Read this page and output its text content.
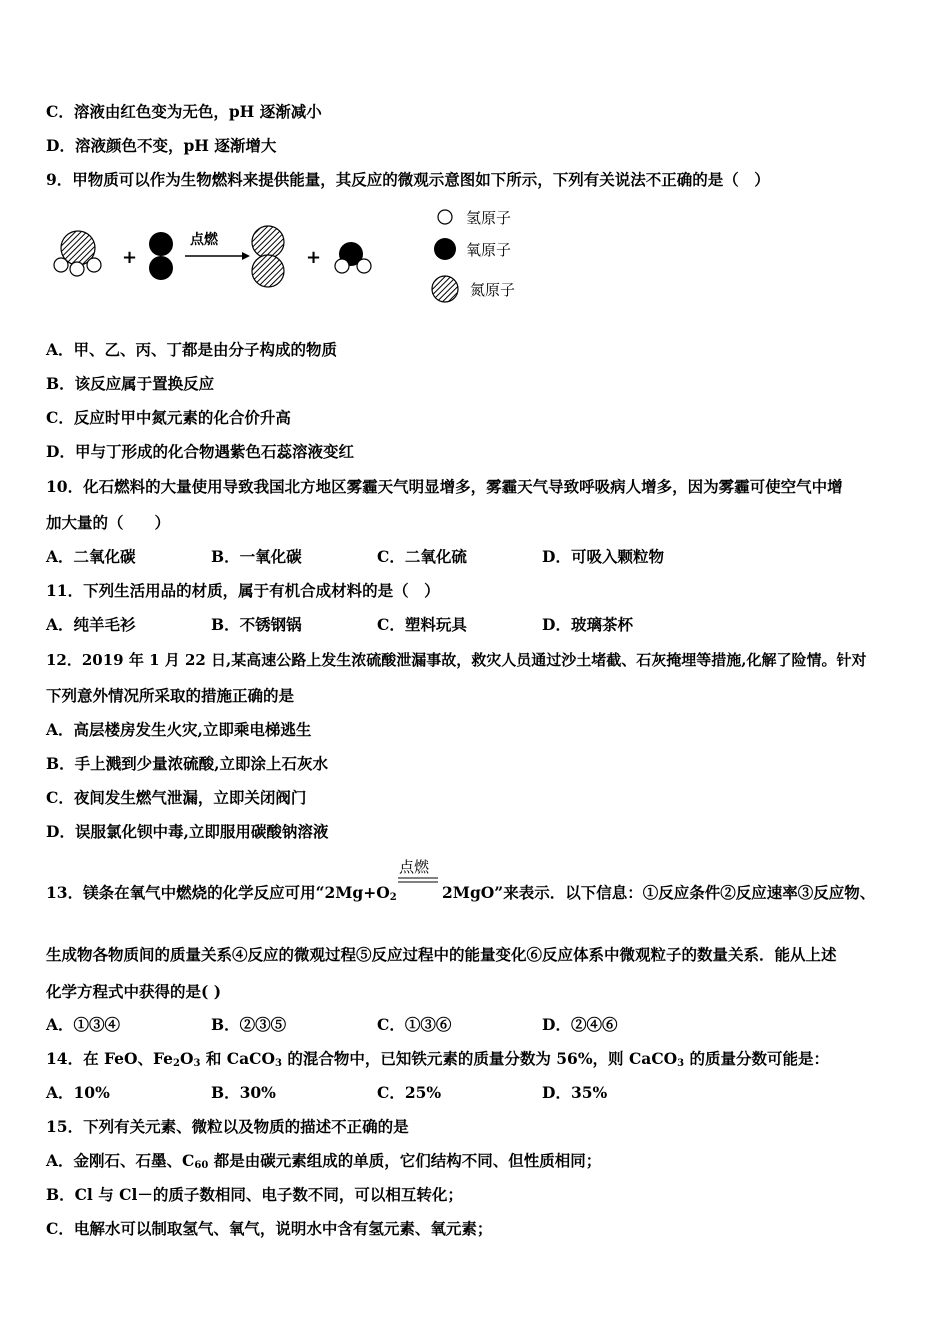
C．溶液由红色变为无色，pH 逐渐减小
D．溶液颜色不变，pH 逐渐增大
9．甲物质可以作为生物燃料来提供能量，其反应的微观示意图如下所示，下列有关说法不正确的是（　）
+
点燃
+
氢原子
氧原子
氮原子
A．甲、乙、丙、丁都是由分子构成的物质
B．该反应属于置换反应
C．反应时甲中氮元素的化合价升高
D．甲与丁形成的化合物遇紫色石蕊溶液变红
10．化石燃料的大量使用导致我国北方地区雾霾天气明显增多，雾霾天气导致呼吸病人增多，因为雾霾可使空气中增
加大量的（　　）
A．二氧化碳	B．一氧化碳	C．二氧化硫	D．可吸入颗粒物
11．下列生活用品的材质，属于有机合成材料的是（　）
A．纯羊毛衫	B．不锈钢锅	C．塑料玩具	D．玻璃茶杯
12．2019 年 1 月 22 日,某高速公路上发生浓硫酸泄漏事故，救灾人员通过沙土堵截、石灰掩埋等措施,化解了险情。针对
下列意外情况所采取的措施正确的是
A．高层楼房发生火灾,立即乘电梯逃生
B．手上溅到少量浓硫酸,立即涂上石灰水
C．夜间发生燃气泄漏，立即关闭阀门
D．误服氯化钡中毒,立即服用碳酸钠溶液
点燃
13．镁条在氧气中燃烧的化学反应可用“$2Mg+O_2$	2MgO”来表示．以下信息：①反应条件②反应速率③反应物、
生成物各物质间的质量关系④反应的微观过程⑤反应过程中的能量变化⑥反应体系中微观粒子的数量关系．能从上述
化学方程式中获得的是( )
A．①③④	B．②③⑤	C．①③⑥	D．②④⑥
14．在 FeO、$Fe_2O_3$ 和 CaCO$_3$ 的混合物中，已知铁元素的质量分数为 56%，则 CaCO$_3$ 的质量分数可能是：
A．10%	B．30%	C．25%	D．35%
15．下列有关元素、微粒以及物质的描述不正确的是
A．金刚石、石墨、$C_{60}$ 都是由碳元素组成的单质，它们结构不同、但性质相同；
B．Cl 与 Cl－的质子数相同、电子数不同，可以相互转化；
C．电解水可以制取氢气、氧气，说明水中含有氢元素、氧元素；
